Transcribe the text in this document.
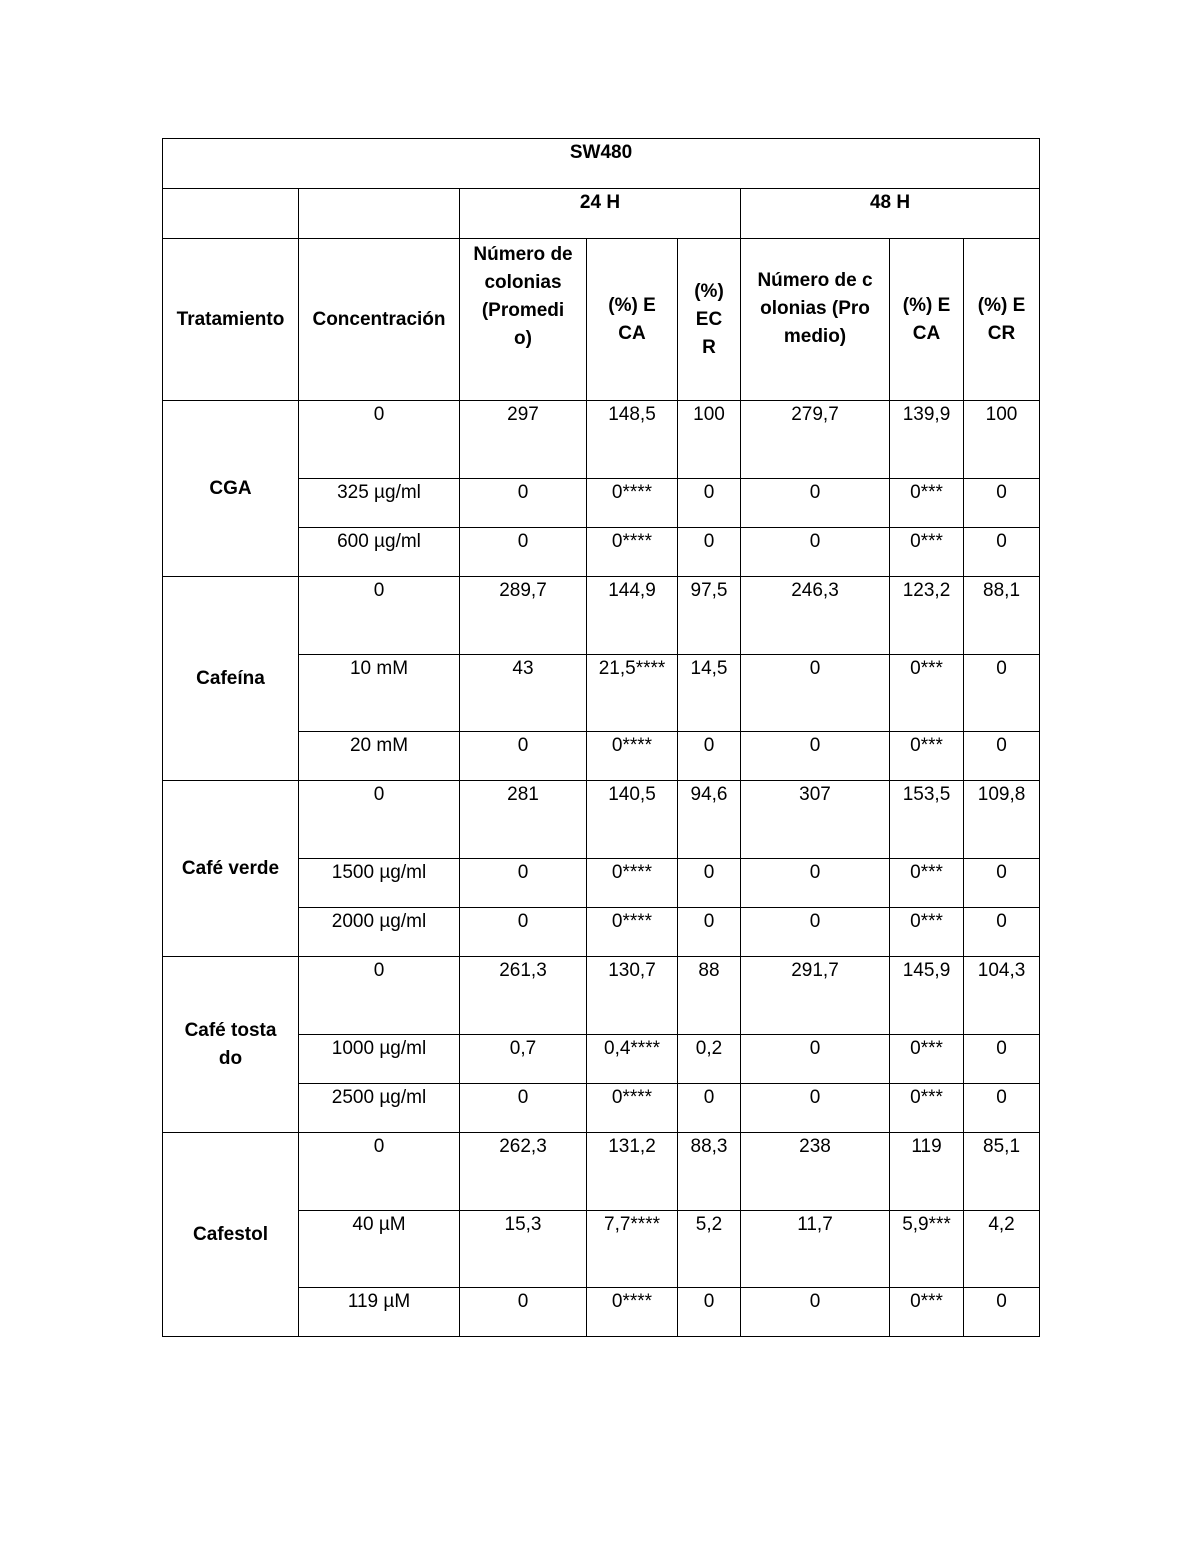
SW480							
		24 H			48 H		
Tratamiento	Concentración	Número de colonias (Promedio)	(%) ECA	(%) ECR	Número de colonias (Promedio)	(%) ECA	(%) ECR
CGA	0	297	148,5	100	279,7	139,9	100
	325 µg/ml	0	0****	0	0	0***	0
	600 µg/ml	0	0****	0	0	0***	0
Cafeína	0	289,7	144,9	97,5	246,3	123,2	88,1
	10 mM	43	21,5****	14,5	0	0***	0
	20 mM	0	0****	0	0	0***	0
Café verde	0	281	140,5	94,6	307	153,5	109,8
	1500 µg/ml	0	0****	0	0	0***	0
	2000 µg/ml	0	0****	0	0	0***	0
Café tostado	0	261,3	130,7	88	291,7	145,9	104,3
	1000 µg/ml	0,7	0,4****	0,2	0	0***	0
	2500 µg/ml	0	0****	0	0	0***	0
Cafestol	0	262,3	131,2	88,3	238	119	85,1
	40 µM	15,3	7,7****	5,2	11,7	5,9***	4,2
	119 µM	0	0****	0	0	0***	0
